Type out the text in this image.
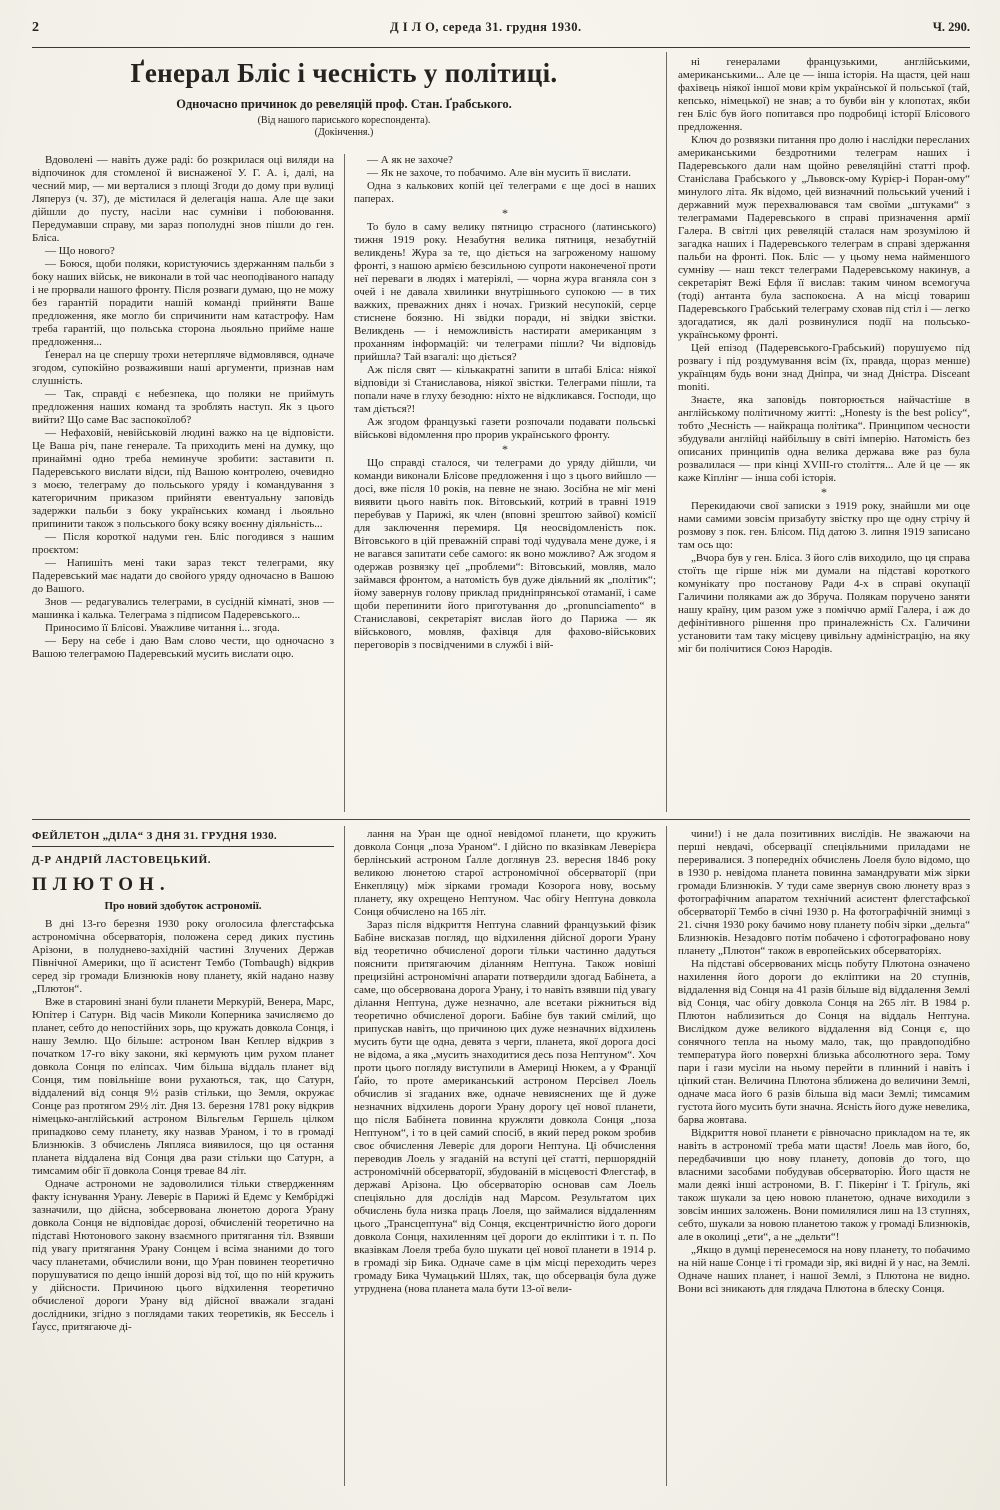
2	Д І Л О, середа 31. грудня 1930.	Ч. 290.
Ґенерал Бліс і чесність у політиці.
Одночасно причинок до ревеляцій проф. Стан. Ґрабського.
(Від нашого париського кореспондента).
(Докінчення.)

Вдоволені — навіть дуже раді: бо розкрилася оці виляди на відпочинок для стомленої й виснаженої У. Г. А. і, далі, на чесний мир, — ми верталися з площі Згоди до дому при вулиці Ляперуз (ч. 37), де містилася й делегація наша. Але ще заки дійшли до пусту, насіли нас сумніви і побоювання. Передумавши справу, ми зараз пополудні знов пішли до ген. Бліса.

— Що нового?

— Боюся, щоби поляки, користуючись здержанням пальби з боку наших військ, не виконали в той час неоподіваного нападу і не прорвали нашого фронту. Після розваги думаю, що не можу без гарантій порадити нашій команді прийняти Ваше предложення, яке могло би спричинити нам катастрофу. Нам треба гарантій, що польська сторона льояльно прийме наше предложення...

Ґенерал на це спершу трохи нетерпляче відмовлявся, одначе згодом, супокійно розваживши наші аргументи, признав нам слушність.

— Так, справді є небезпека, що поляки не приймуть предложення наших команд та зроблять наступ. Як з цього вийти? Що саме Вас заспокоїлоб?

— Нефаховій, невійськовій людині важко на це відповісти. Це Ваша річ, пане генерале. Та приходить мені на думку, що принаймні одно треба неминуче зробити: заставити п. Падеревського вислати відси, під Вашою контролею, очевидно з моєю, телеграму до польського уряду і командування з категоричним приказом прийняти евентуальну заповідь задержки пальби з боку українських команд і льояльно припинити також з польського боку всяку воєнну діяльність...

— Після короткої надуми ген. Бліс погодився з нашим проєктом:

— Напишіть мені таки зараз текст телеграми, яку Падеревський має надати до свойого уряду одночасно в Вашою до Вашого.

Знов — редагувались телеграми, в сусідній кімнаті, знов — машинка і калька. Телеграма з підписом Падеревського...

Приносимо її Блісові. Уважливе читання і... згода.

— Беру на себе і даю Вам слово чести, що одночасно з Вашою телеграмою Падеревський мусить вислати оцю.

— А як не захоче?

— Як не захоче, то побачимо. Але він мусить її вислати.

Одна з калькових копій цеї телеграми є ще досі в наших паперах.

*

То було в саму велику пятницю страсного (латинського) тижня 1919 року. Незабутня велика пятниця, незабутній великдень! Жура за те, що діється на загроженому нашому фронті, з нашою армією безсильною супроти наконеченої проти неї переваги в людях і матеріялі, — чорна жура вганяла сон з очей і не давала хвилинки внутрішнього супокою — в тих важких, преважних днях і ночах. Гризкий несупокій, серце стиснене боязню. Ні звідки поради, ні звідки звістки. Великдень — і неможливість настирати американцям з проханням інформацій: чи телеграми пішли? Чи відповідь прийшла? Тай взагалі: що діється?

Аж після свят — кількакратні запити в штабі Бліса: ніякої відповіди зі Станиславова, ніякої звістки. Телеграми пішли, та попали наче в глуху безодню: ніхто не відкликався. Господи, що там діється?!

Аж згодом французькі газети розпочали подавати польські військові відомлення про прорив українського фронту.

*

Що справді сталося, чи телеграми до уряду дійшли, чи команди виконали Блісове предложення і що з цього вийшло — досі, вже після 10 років, на певне не знаю. Зосібна не міг мені виявити цього навіть пок. Вітовський, котрий в травні 1919 перебував у Парижі, як член (вповні зрештою зайвої) комісії для заключення перемиря. Ця неосвідомленість пок. Вітовського в цій преважній справі тоді чудувала мене дуже, і я не вагався запитати себе самого: як воно можливо? Аж згодом я одержав розвязку цеї „проблеми“: Вітовський, мовляв, мало займався фронтом, а натомість був дуже діяльний як „політик“; йому завернув голову приклад придніпрянської отаманії, і саме щоби перепинити його приготування до „pronunciamento“ в Станиславові, секретаріят вислав його до Парижа — як військового, мовляв, фахівця для фахово-військових переговорів з посвідченими в службі і вій-

ні генералами французькими, англійськими, американськими... Але це — інша історія. На щастя, цей наш фахівець ніякої іншої мови крім української й польської (тай, кепсько, німецької) не знав; а то бувби він у клопотах, якби ген Бліс був його попитався про подробиці історії Блісового предложення.

Ключ до розвязки питання про долю і наслідки пересланих американськими бездротними телеграм наших і Падеревського дали нам щойно ревеляційні статті проф. Станіслава Грабського у „Львовск-ому Курієр-і Поран-ому“ минулого літа. Як відомо, цей визначний польський учений і державний муж перехвалювався там своїми „штуками“ з телеграмами Падеревського в справі призначення армії Галера. В світлі цих ревеляцій сталася нам зрозумілою й загадка наших і Падеревського телеграм в справі здержання пальби на фронті. Пок. Бліс — у цьому нема найменшого сумніву — наш текст телеграми Падеревському накинув, а секретаріят Вежі Ефля її вислав: таким чином всемогуча (тоді) антанта була заспокоєна. А на місці товариш Падеревського Грабський телеграму сховав під стіл і — легко здогадатися, як далі розвинулися події на польсько-українському фронті.

Цей епізод (Падеревського-Грабський) порушуємо під розвагу і під роздумування всім (їх, правда, щораз менше) українцям будь вони знад Дніпра, чи знад Дністра. Disceant moniti.

Знаєте, яка заповідь повторюється найчастіше в англійському політичному житті: „Honesty is the best policy“, тобто „Чесність — найкраща політика“. Принципом чесности збудували англійці найбільшу в світі імперію. Натомість без описаних принципів одна велика держава вже раз була розвалилася — при кінці XVIII-го століття... Але й це — як каже Кіплінг — інша собі історія.

*

Перекидаючи свої записки з 1919 року, знайшли ми оце нами самими зовсім призабуту звістку про ще одну стрічу й розмову з пок. ген. Блісом. Під датою 3. липня 1919 записано там ось що:

„Вчора був у ген. Бліса. З його слів виходило, що ця справа стоїть ще гірше ніж ми думали на підставі короткого комунікату про постанову Ради 4-х в справі окупації Галичини поляками аж до Збруча. Полякам поручено заняти нашу країну, цим разом уже з поміччю армії Галера, і аж до дефінітивного рішення про приналежність Сх. Галичини установити там таку місцеву цивільну адміністрацію, на яку міг би полічитися Союз Народів.

ФЕЙЛЕТОН „ДІЛА“ З ДНЯ 31. ГРУДНЯ 1930.
Д-Р АНДРІЙ ЛАСТОВЕЦЬКИЙ.
ПЛЮТОН.
Про новий здобуток астрономії.

В дні 13-го березня 1930 року оголосила флегстафська астрономічна обсерваторія, положена серед диких пустинь Арізони, в полуднево-західній частині Злучених Держав Північної Америки, що її асистент Тембо (Tombaugh) відкрив серед зір громади Близнюків нову планету, якій надано назву „Плютон“.

Вже в старовині знані були планети Меркурій, Венера, Марс, Юпітер і Сатурн. Від часів Миколи Коперника зачисляємо до планет, себто до непостійних зорь, що кружать довкола Сонця, і нашу Землю. Що більше: астроном Іван Кеплер відкрив з початком 17-го віку закони, які кермують цим рухом планет довкола Сонця по еліпсах. Чим більша віддаль планет від Сонця, тим повільніше вони рухаються, так, що Сатурн, віддалений від сонця 9½ разів стільки, що Земля, окружає Сонце раз протягом 29½ літ. Дня 13. березня 1781 року відкрив німецько-англійський астроном Вільгельм Гершель цілком припадково сему планету, яку назвав Ураном, і то в громаді Близнюків. З обчислень Ляпляса виявилося, що ця остання планета віддалена від Сонця два рази стільки що Сатурн, а тимсамим обіг її довкола Сонця тревае 84 літ.

Одначе астрономи не задоволилися тільки ствердженням факту існування Урану. Леверіє в Парижі й Едемс у Кембріджі зазначили, що дійсна, зобсервована люнетою дорога Урану довкола Сонця не відповідає дорозі, обчисленій теоретично на підставі Нютонового закону взаємного притягання тіл. Взявши під увагу притягання Урану Сонцем і всіма знаними до того часу планетами, обчислили вони, що Уран повинен теоретично порушуватися по дещо іншій дорозі від тої, що по ній кружить у дійсности. Причиною цього відхилення теоретично обчисленої дороги Урану від дійсної вважали згадані дослідники, згідно з поглядами таких теоретиків, як Бессель і Ґаусс, притягаюче ді-

лання на Уран ще одної невідомої планети, що кружить довкола Сонця „поза Ураном“. І дійсно по вказівкам Леверієра берлінський астроном Ґалле доглянув 23. вересня 1846 року великою люнетою старої астрономічної обсерваторії (при Енкепляцу) між зірками громади Козорога нову, восьму планету, яку охрещено Нептуном. Час обігу Нептуна довкола Сонця обчислено на 165 літ.

Зараз після відкриття Нептуна славний французький фізик Бабіне висказав погляд, що відхилення дійсної дороги Урану від теоретично обчисленої дороги тільки частинно дадуться пояснити притягаючим діланням Нептуна. Також новіші прецизійні астрономічні апарати потвердили здогад Бабінета, а саме, що обсервована дорога Урану, і то навіть взявши під увагу ділання Нептуна, дуже незначно, але всетаки ріжниться від теоретично обчисленої дороги. Бабіне був такий смілий, що припускав навіть, що причиною цих дуже незначних відхилень мусить бути ще одна, девята з черги, планета, якої дорога досі не відома, а яка „мусить знаходитися десь поза Нептуном“. Хоч проти цього погляду виступили в Америці Нюкем, а у Франції Ґайо, то проте американський астроном Персівел Лоель обчислив зі згаданих вже, одначе невияснених ще й дуже незначних відхилень дороги Урану дорогу цеї нової планети, що після Бабінета повинна кружляти довкола Сонця „поза Нептуном“, і то в цей самий спосіб, в який перед роком зробив своє обчислення Леверіє для дороги Нептуна. Ці обчислення переводив Лоель у згаданій на вступі цеї статті, першорядній астрономічній обсерваторії, збудованій в місцевості Флегстаф, в державі Арізона. Цю обсерваторію основав сам Лоель спеціяльно для дослідів над Марсом. Результатом цих обчислень була низка праць Лоеля, що займалися віддаленням цього „Трансцептуна“ від Сонця, ексцентричністю його дороги довкола Сонця, нахиленням цеї дороги до екліптики і т. п. По вказівкам Лоеля треба було шукати цеї нової планети в 1914 р. в громаді зір Бика. Одначе саме в цім місці переходить через громаду Бика Чумацький Шлях, так, що обсервація була дуже утруднена (нова планета мала бути 13-ої вели-

чини!) і не дала позитивних вислідів. Не зважаючи на перші невдачі, обсервації спеціяльними приладами не переривалися. З попередніх обчислень Лоеля було відомо, що в 1930 р. невідома планета повинна замандрувати між зірки громади Близнюків. У туди саме звернув свою люнету враз з фотографічним апаратом технічний асистент флегстафської обсерваторії Тембо в січні 1930 р. На фотографічній знимці з 21. січня 1930 року бачимо нову планету побіч зірки „дельта“ Близнюків. Незадовго потім побачено і сфотографовано нову планету „Плютон“ також в европейських обсерваторіях.

На підставі обсервованих місць побуту Плютона означено нахилення його дороги до екліптики на 20 ступнів, віддалення від Сонця на 41 разів більше від віддалення Землі від Сонця, час обігу довкола Сонця на 265 літ. В 1984 р. Плютон наблизиться до Сонця на віддаль Нептуна. Вислідком дуже великого віддалення від Сонця є, що сонячного тепла на ньому мало, так, що правдоподібно температура його поверхні близька абсолютного зера. Тому пари і гази мусіли на ньому перейти в плинний і навіть і ціпкий стан. Величина Плютона зближена до величини Землі, одначе маса його 6 разів більша від маси Землі; тимсамим густота його мусить бути значна. Ясність його дуже невелика, барва жовтава.

Відкриття нової планети є рівночасно прикладом на те, як навіть в астрономії треба мати щастя! Лоель мав його, бо, передбачивши цю нову планету, доповів до того, що власними засобами побудував обсерваторію. Його щастя не мали деякі інші астрономи, В. Г. Пікерінґ і Т. Ґріґуль, які також шукали за цею новою планетою, одначе виходили з зовсім инших заложень. Вони помилялися лиш на 13 ступнях, себто, шукали за новою планетою також у громаді Близнюків, але в околиці „ети“, а не „дельти“!

„Якщо в думці перенесемося на нову планету, то побачимо на ній наше Сонце і ті громади зір, які видні й у нас, на Землі. Одначе наших планет, і нашої Землі, з Плютона не видно. Вони всі зникають для глядача Плютона в блеску Сонця.
